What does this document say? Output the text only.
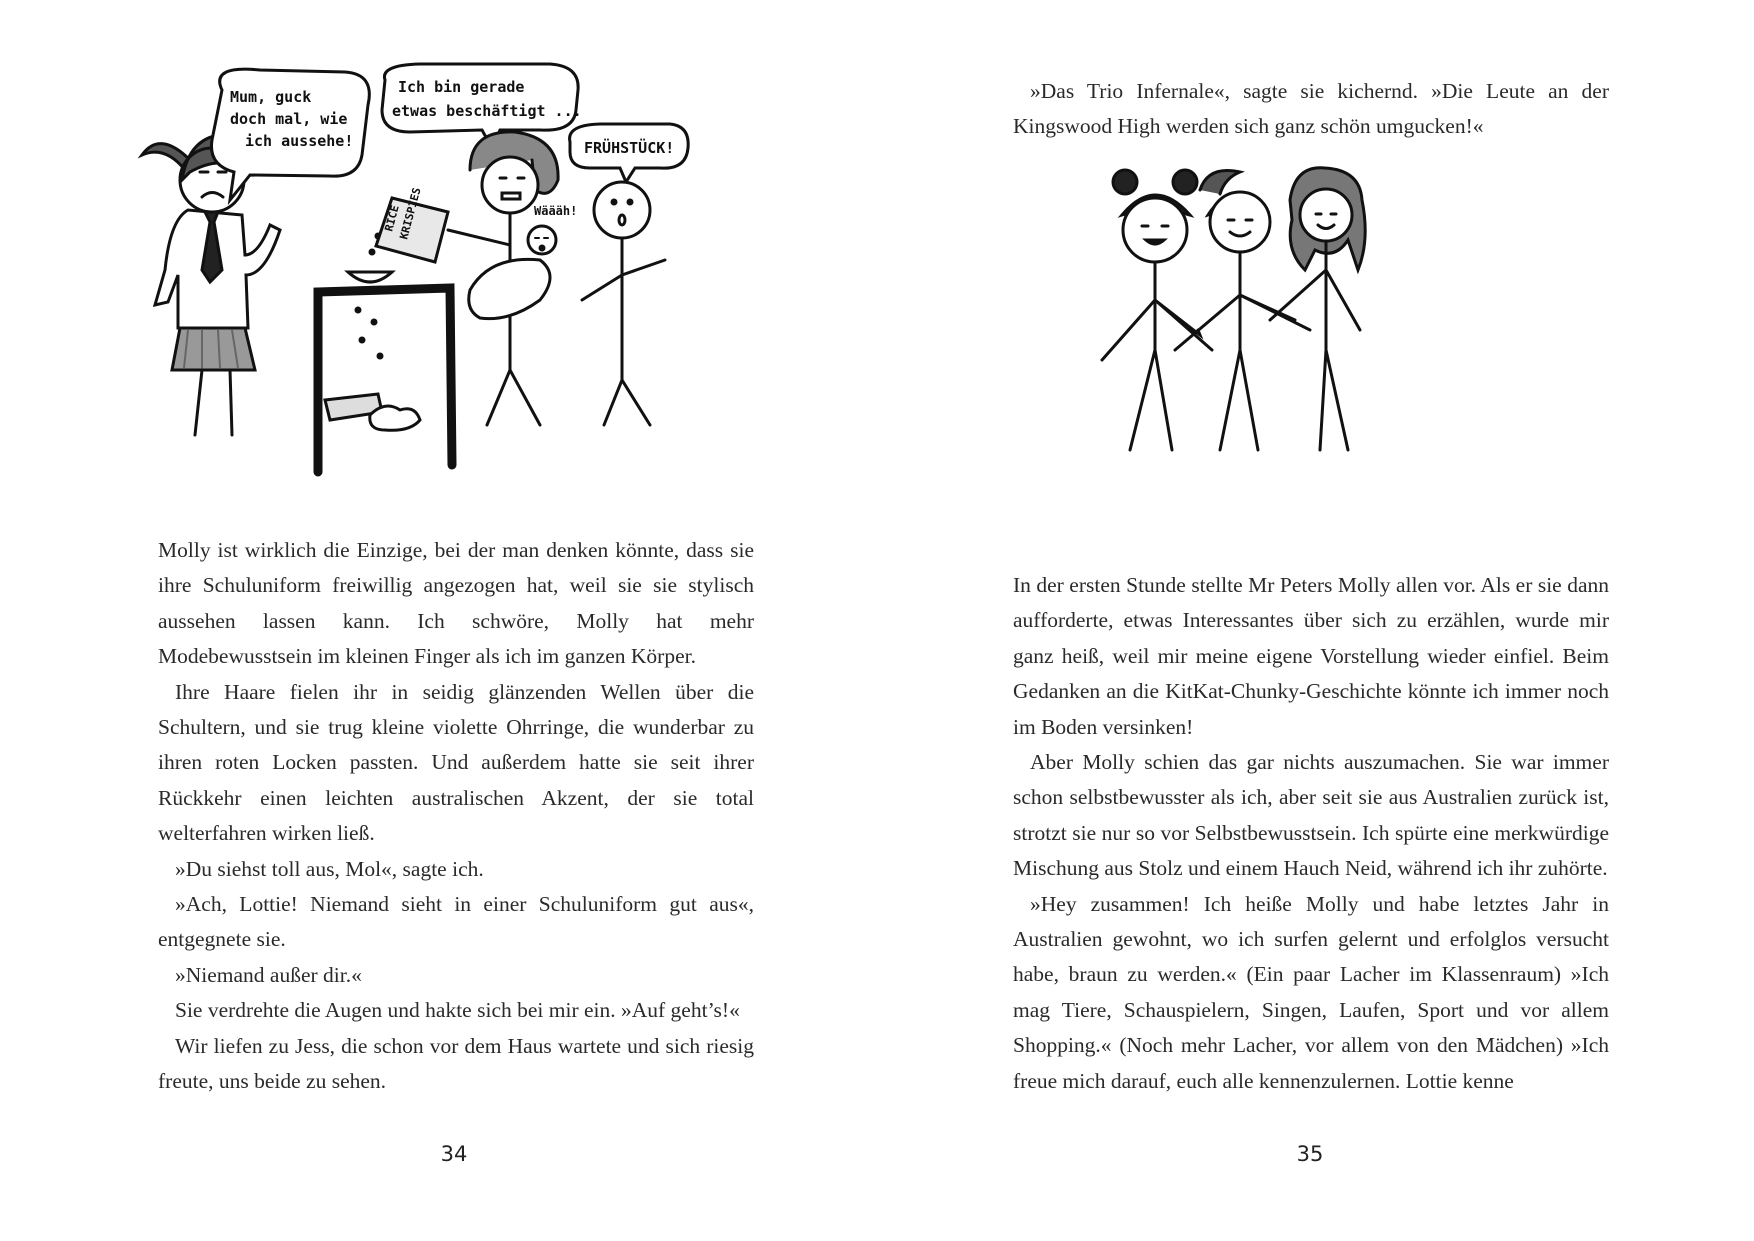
Mum, guck
doch mal, wie
ich aussehe!
Ich bin gerade
etwas beschäftigt ...
FRÜHSTÜCK!
RICE
KRISPIES	Wäääh!

Molly ist wirklich die Einzige, bei der man denken könnte, dass sie ihre Schuluniform freiwillig angezogen hat, weil sie sie stylisch aussehen lassen kann. Ich schwöre, Molly hat mehr Modebewusstsein im kleinen Finger als ich im ganzen Körper.

Ihre Haare fielen ihr in seidig glänzenden Wellen über die Schultern, und sie trug kleine violette Ohrringe, die wunderbar zu ihren roten Locken passten. Und außerdem hatte sie seit ihrer Rückkehr einen leichten australischen Akzent, der sie total welterfahren wirken ließ.

»Du siehst toll aus, Mol«, sagte ich.

»Ach, Lottie! Niemand sieht in einer Schuluniform gut aus«, entgegnete sie.

»Niemand außer dir.«

Sie verdrehte die Augen und hakte sich bei mir ein. »Auf geht’s!«

Wir liefen zu Jess, die schon vor dem Haus wartete und sich riesig freute, uns beide zu sehen.

34

»Das Trio Infernale«, sagte sie kichernd. »Die Leute an der Kingswood High werden sich ganz schön umgucken!«

In der ersten Stunde stellte Mr Peters Molly allen vor. Als er sie dann aufforderte, etwas Interessantes über sich zu erzählen, wurde mir ganz heiß, weil mir meine eigene Vorstellung wieder einfiel. Beim Gedanken an die KitKat-Chunky-Geschichte könnte ich immer noch im Boden versinken!

Aber Molly schien das gar nichts auszumachen. Sie war immer schon selbstbewusster als ich, aber seit sie aus Australien zurück ist, strotzt sie nur so vor Selbstbewusstsein. Ich spürte eine merkwürdige Mischung aus Stolz und einem Hauch Neid, während ich ihr zuhörte.

»Hey zusammen! Ich heiße Molly und habe letztes Jahr in Australien gewohnt, wo ich surfen gelernt und erfolglos versucht habe, braun zu werden.« (Ein paar Lacher im Klassenraum) »Ich mag Tiere, Schauspielern, Singen, Laufen, Sport und vor allem Shopping.« (Noch mehr Lacher, vor allem von den Mädchen) »Ich freue mich darauf, euch alle kennenzulernen. Lottie kenne

35
